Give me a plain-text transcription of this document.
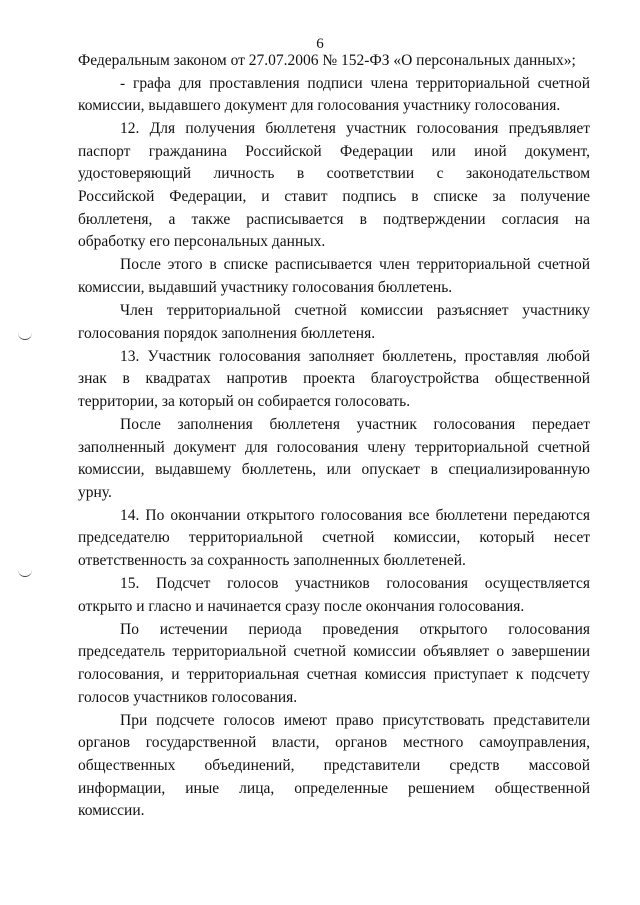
6

Федеральным законом от 27.07.2006 № 152-ФЗ «О персональных данных»;

- графа для проставления подписи члена территориальной счетной

комиссии, выдавшего документ для голосования участнику голосования.

12. Для получения бюллетеня участник голосования предъявляет

паспорт гражданина Российской Федерации или иной документ,

удостоверяющий личность в соответствии с законодательством

Российской Федерации, и ставит подпись в списке за получение

бюллетеня, а также расписывается в подтверждении согласия на

обработку его персональных данных.

После этого в списке расписывается член территориальной счетной

комиссии, выдавший участнику голосования бюллетень.

Член территориальной счетной комиссии разъясняет участнику

голосования порядок заполнения бюллетеня.

13. Участник голосования заполняет бюллетень, проставляя любой

знак в квадратах напротив проекта благоустройства общественной

территории, за который он собирается голосовать.

После заполнения бюллетеня участник голосования передает

заполненный документ для голосования члену территориальной счетной

комиссии, выдавшему бюллетень, или опускает в специализированную

урну.

14. По окончании открытого голосования все бюллетени передаются

председателю территориальной счетной комиссии, который несет

ответственность за сохранность заполненных бюллетеней.

15. Подсчет голосов участников голосования осуществляется

открыто и гласно и начинается сразу после окончания голосования.

По истечении периода проведения открытого голосования

председатель территориальной счетной комиссии объявляет о завершении

голосования, и территориальная счетная комиссия приступает к подсчету

голосов участников голосования.

При подсчете голосов имеют право присутствовать представители

органов государственной власти, органов местного самоуправления,

общественных объединений, представители средств массовой

информации, иные лица, определенные решением общественной

комиссии.
